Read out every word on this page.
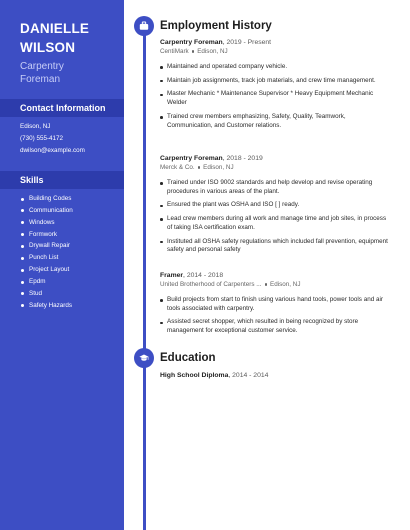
DANIELLE
WILSON
Carpentry
Foreman
Contact Information
Edison, NJ
(730) 555-4172
dwilson@example.com
Skills
Building Codes
Communication
Windows
Formwork
Drywall Repair
Punch List
Project Layout
Epdm
Stud
Safety Hazards
Employment History
Carpentry Foreman, 2019 - Present
CentiMark Edison, NJ
Maintained and operated company vehicle.
Maintain job assignments, track job materials, and crew time management.
Master Mechanic * Maintenance Supervisor * Heavy Equipment Mechanic Welder
Trained crew members emphasizing, Safety, Quality, Teamwork, Communication, and Customer relations.
Carpentry Foreman, 2018 - 2019
Merck & Co. Edison, NJ
Trained under ISO 9002 standards and help develop and revise operating procedures in various areas of the plant.
Ensured the plant was OSHA and ISO [ ] ready.
Lead crew members during all work and manage time and job sites, in process of taking ISA certification exam.
Instituted all OSHA safety regulations which included fall prevention, equipment safety and personal safety
Framer, 2014 - 2018
United Brotherhood of Carpenters ... Edison, NJ
Build projects from start to finish using various hand tools, power tools and air tools associated with carpentry.
Assisted secret shopper, which resulted in being recognized by store management for exceptional customer service.
Education
High School Diploma, 2014 - 2014
